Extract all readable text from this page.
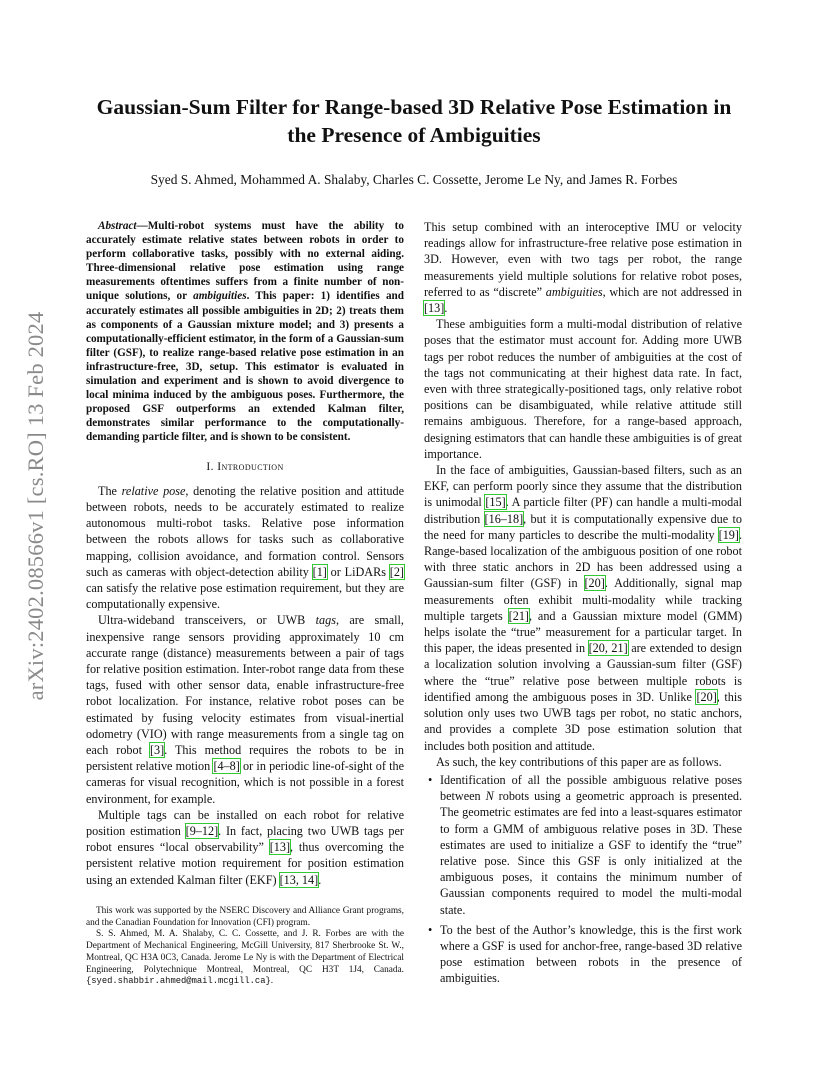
arXiv:2402.08566v1 [cs.RO] 13 Feb 2024
Gaussian-Sum Filter for Range-based 3D Relative Pose Estimation in the Presence of Ambiguities
Syed S. Ahmed, Mohammed A. Shalaby, Charles C. Cossette, Jerome Le Ny, and James R. Forbes

Abstract—Multi-robot systems must have the ability to accurately estimate relative states between robots in order to perform collaborative tasks, possibly with no external aiding. Three-dimensional relative pose estimation using range measurements oftentimes suffers from a finite number of non-unique solutions, or ambiguities. This paper: 1) identifies and accurately estimates all possible ambiguities in 2D; 2) treats them as components of a Gaussian mixture model; and 3) presents a computationally-efficient estimator, in the form of a Gaussian-sum filter (GSF), to realize range-based relative pose estimation in an infrastructure-free, 3D, setup. This estimator is evaluated in simulation and experiment and is shown to avoid divergence to local minima induced by the ambiguous poses. Furthermore, the proposed GSF outperforms an extended Kalman filter, demonstrates similar performance to the computationally-demanding particle filter, and is shown to be consistent.

I. Introduction

The relative pose, denoting the relative position and attitude between robots, needs to be accurately estimated to realize autonomous multi-robot tasks. Relative pose information between the robots allows for tasks such as collaborative mapping, collision avoidance, and formation control. Sensors such as cameras with object-detection ability [1] or LiDARs [2] can satisfy the relative pose estimation requirement, but they are computationally expensive.

Ultra-wideband transceivers, or UWB tags, are small, inexpensive range sensors providing approximately 10 cm accurate range (distance) measurements between a pair of tags for relative position estimation. Inter-robot range data from these tags, fused with other sensor data, enable infrastructure-free robot localization. For instance, relative robot poses can be estimated by fusing velocity estimates from visual-inertial odometry (VIO) with range measurements from a single tag on each robot [3]. This method requires the robots to be in persistent relative motion [4–8] or in periodic line-of-sight of the cameras for visual recognition, which is not possible in a forest environment, for example.

Multiple tags can be installed on each robot for relative position estimation [9–12]. In fact, placing two UWB tags per robot ensures “local observability” [13], thus overcoming the persistent relative motion requirement for position estimation using an extended Kalman filter (EKF) [13, 14].

This work was supported by the NSERC Discovery and Alliance Grant programs, and the Canadian Foundation for Innovation (CFI) program.

S. S. Ahmed, M. A. Shalaby, C. C. Cossette, and J. R. Forbes are with the Department of Mechanical Engineering, McGill University, 817 Sherbrooke St. W., Montreal, QC H3A 0C3, Canada. Jerome Le Ny is with the Department of Electrical Engineering, Polytechnique Montreal, Montreal, QC H3T 1J4, Canada. {syed.shabbir.ahmed@mail.mcgill.ca}.

This setup combined with an interoceptive IMU or velocity readings allow for infrastructure-free relative pose estimation in 3D. However, even with two tags per robot, the range measurements yield multiple solutions for relative robot poses, referred to as “discrete” ambiguities, which are not addressed in [13].

These ambiguities form a multi-modal distribution of relative poses that the estimator must account for. Adding more UWB tags per robot reduces the number of ambiguities at the cost of the tags not communicating at their highest data rate. In fact, even with three strategically-positioned tags, only relative robot positions can be disambiguated, while relative attitude still remains ambiguous. Therefore, for a range-based approach, designing estimators that can handle these ambiguities is of great importance.

In the face of ambiguities, Gaussian-based filters, such as an EKF, can perform poorly since they assume that the distribution is unimodal [15]. A particle filter (PF) can handle a multi-modal distribution [16–18], but it is computationally expensive due to the need for many particles to describe the multi-modality [19]. Range-based localization of the ambiguous position of one robot with three static anchors in 2D has been addressed using a Gaussian-sum filter (GSF) in [20]. Additionally, signal map measurements often exhibit multi-modality while tracking multiple targets [21], and a Gaussian mixture model (GMM) helps isolate the “true” measurement for a particular target. In this paper, the ideas presented in [20, 21] are extended to design a localization solution involving a Gaussian-sum filter (GSF) where the “true” relative pose between multiple robots is identified among the ambiguous poses in 3D. Unlike [20], this solution only uses two UWB tags per robot, no static anchors, and provides a complete 3D pose estimation solution that includes both position and attitude.

As such, the key contributions of this paper are as follows.

• Identification of all the possible ambiguous relative poses between N robots using a geometric approach is presented. The geometric estimates are fed into a least-squares estimator to form a GMM of ambiguous relative poses in 3D. These estimates are used to initialize a GSF to identify the “true” relative pose. Since this GSF is only initialized at the ambiguous poses, it contains the minimum number of Gaussian components required to model the multi-modal state.
• To the best of the Author’s knowledge, this is the first work where a GSF is used for anchor-free, range-based 3D relative pose estimation between robots in the presence of ambiguities.
